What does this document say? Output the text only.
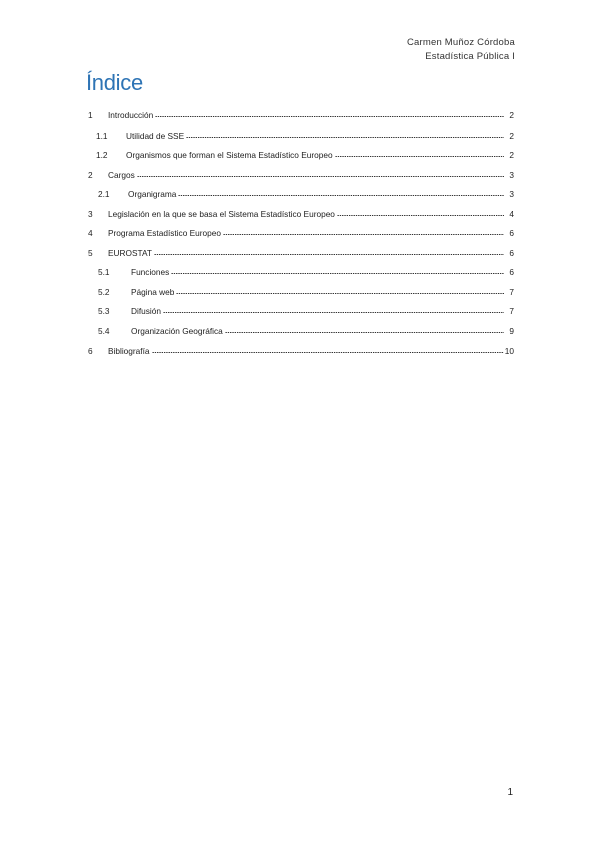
Carmen Muñoz Córdoba
Estadística Pública I
Índice
1 Introducción	2
1.1 Utilidad de SSE	2
1.2 Organismos que forman el Sistema Estadístico Europeo	2
2 Cargos	3
2.1 Organigrama	3
3 Legislación en la que se basa el Sistema Estadístico Europeo	4
4 Programa Estadístico Europeo	6
5 EUROSTAT	6
5.1	Funciones	6
5.2	Página web	7
5.3	Difusión	7
5.4	Organización Geográfica	9
6 Bibliografía	10
1
